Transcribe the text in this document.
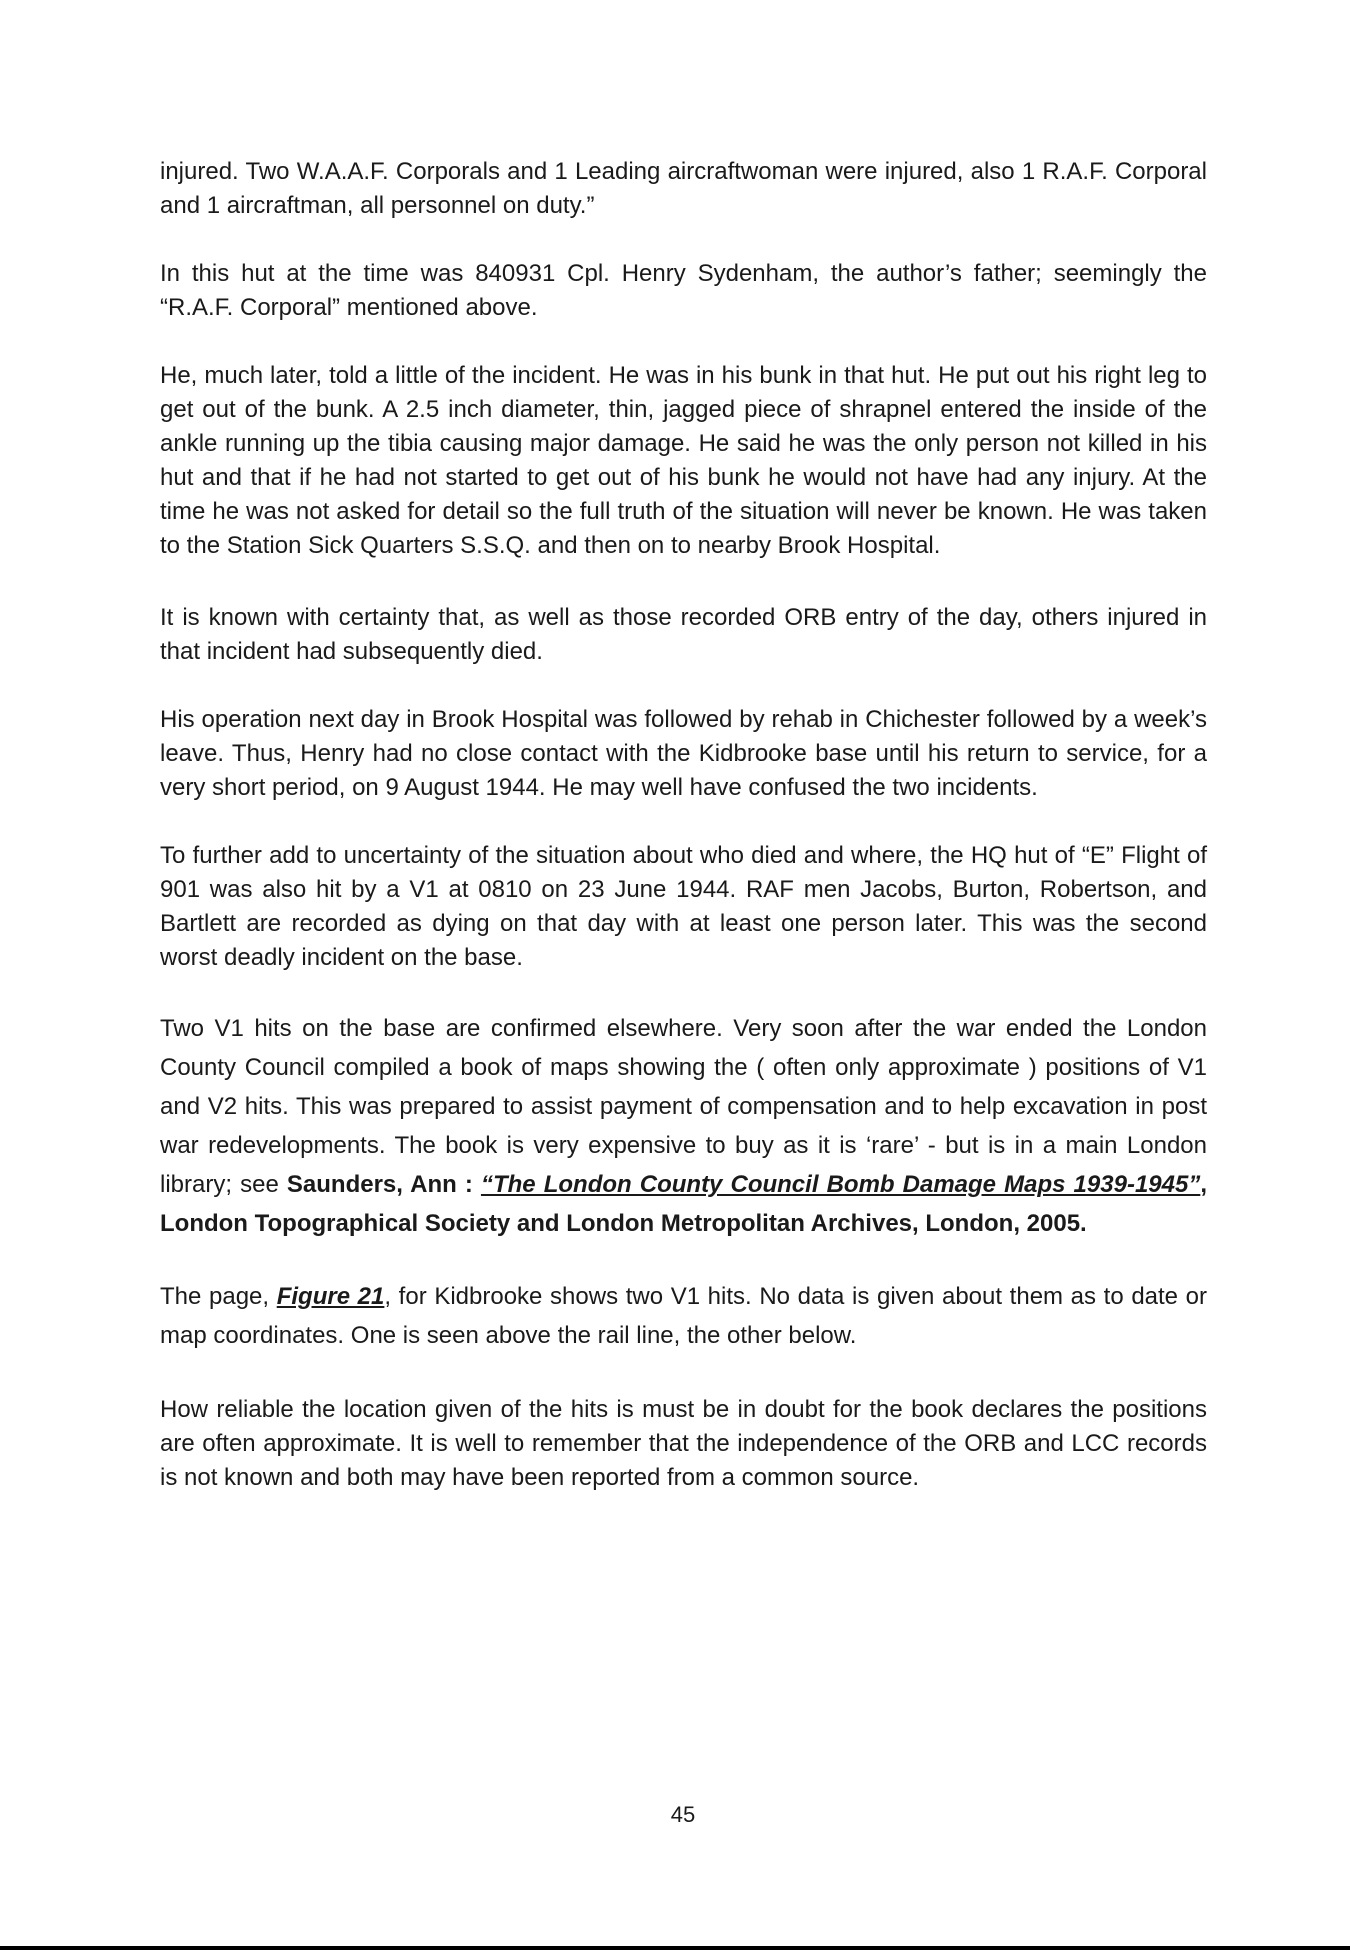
injured. Two W.A.A.F. Corporals and 1 Leading aircraftwoman were injured, also 1 R.A.F. Corporal and 1 aircraftman, all personnel on duty.”

In this hut at the time was 840931 Cpl. Henry Sydenham, the author’s father; seemingly the “R.A.F. Corporal” mentioned above.

He, much later, told a little of the incident. He was in his bunk in that hut. He put out his right leg to get out of the bunk. A 2.5 inch diameter, thin, jagged piece of shrapnel entered the inside of the ankle running up the tibia causing major damage. He said he was the only person not killed in his hut and that if he had not started to get out of his bunk he would not have had any injury. At the time he was not asked for detail so the full truth of the situation will never be known. He was taken to the Station Sick Quarters S.S.Q. and then on to nearby Brook Hospital.

It is known with certainty that, as well as those recorded ORB entry of the day, others injured in that incident had subsequently died.

His operation next day in Brook Hospital was followed by rehab in Chichester followed by a week’s leave. Thus, Henry had no close contact with the Kidbrooke base until his return to service, for a very short period, on 9 August 1944. He may well have confused the two incidents.

To further add to uncertainty of the situation about who died and where, the HQ hut of “E” Flight of 901 was also hit by a V1 at 0810 on 23 June 1944. RAF men Jacobs, Burton, Robertson, and Bartlett are recorded as dying on that day with at least one person later. This was the second worst deadly incident on the base.

Two V1 hits on the base are confirmed elsewhere. Very soon after the war ended the London County Council compiled a book of maps showing the ( often only approximate ) positions of V1 and V2 hits. This was prepared to assist payment of compensation and to help excavation in post war redevelopments. The book is very expensive to buy as it is ‘rare’ - but is in a main London library; see Saunders, Ann : “The London County Council Bomb Damage Maps 1939-1945”, London Topographical Society and London Metropolitan Archives, London, 2005.

The page, Figure 21, for Kidbrooke shows two V1 hits. No data is given about them as to date or map coordinates. One is seen above the rail line, the other below.

How reliable the location given of the hits is must be in doubt for the book declares the positions are often approximate. It is well to remember that the independence of the ORB and LCC records is not known and both may have been reported from a common source.

45
